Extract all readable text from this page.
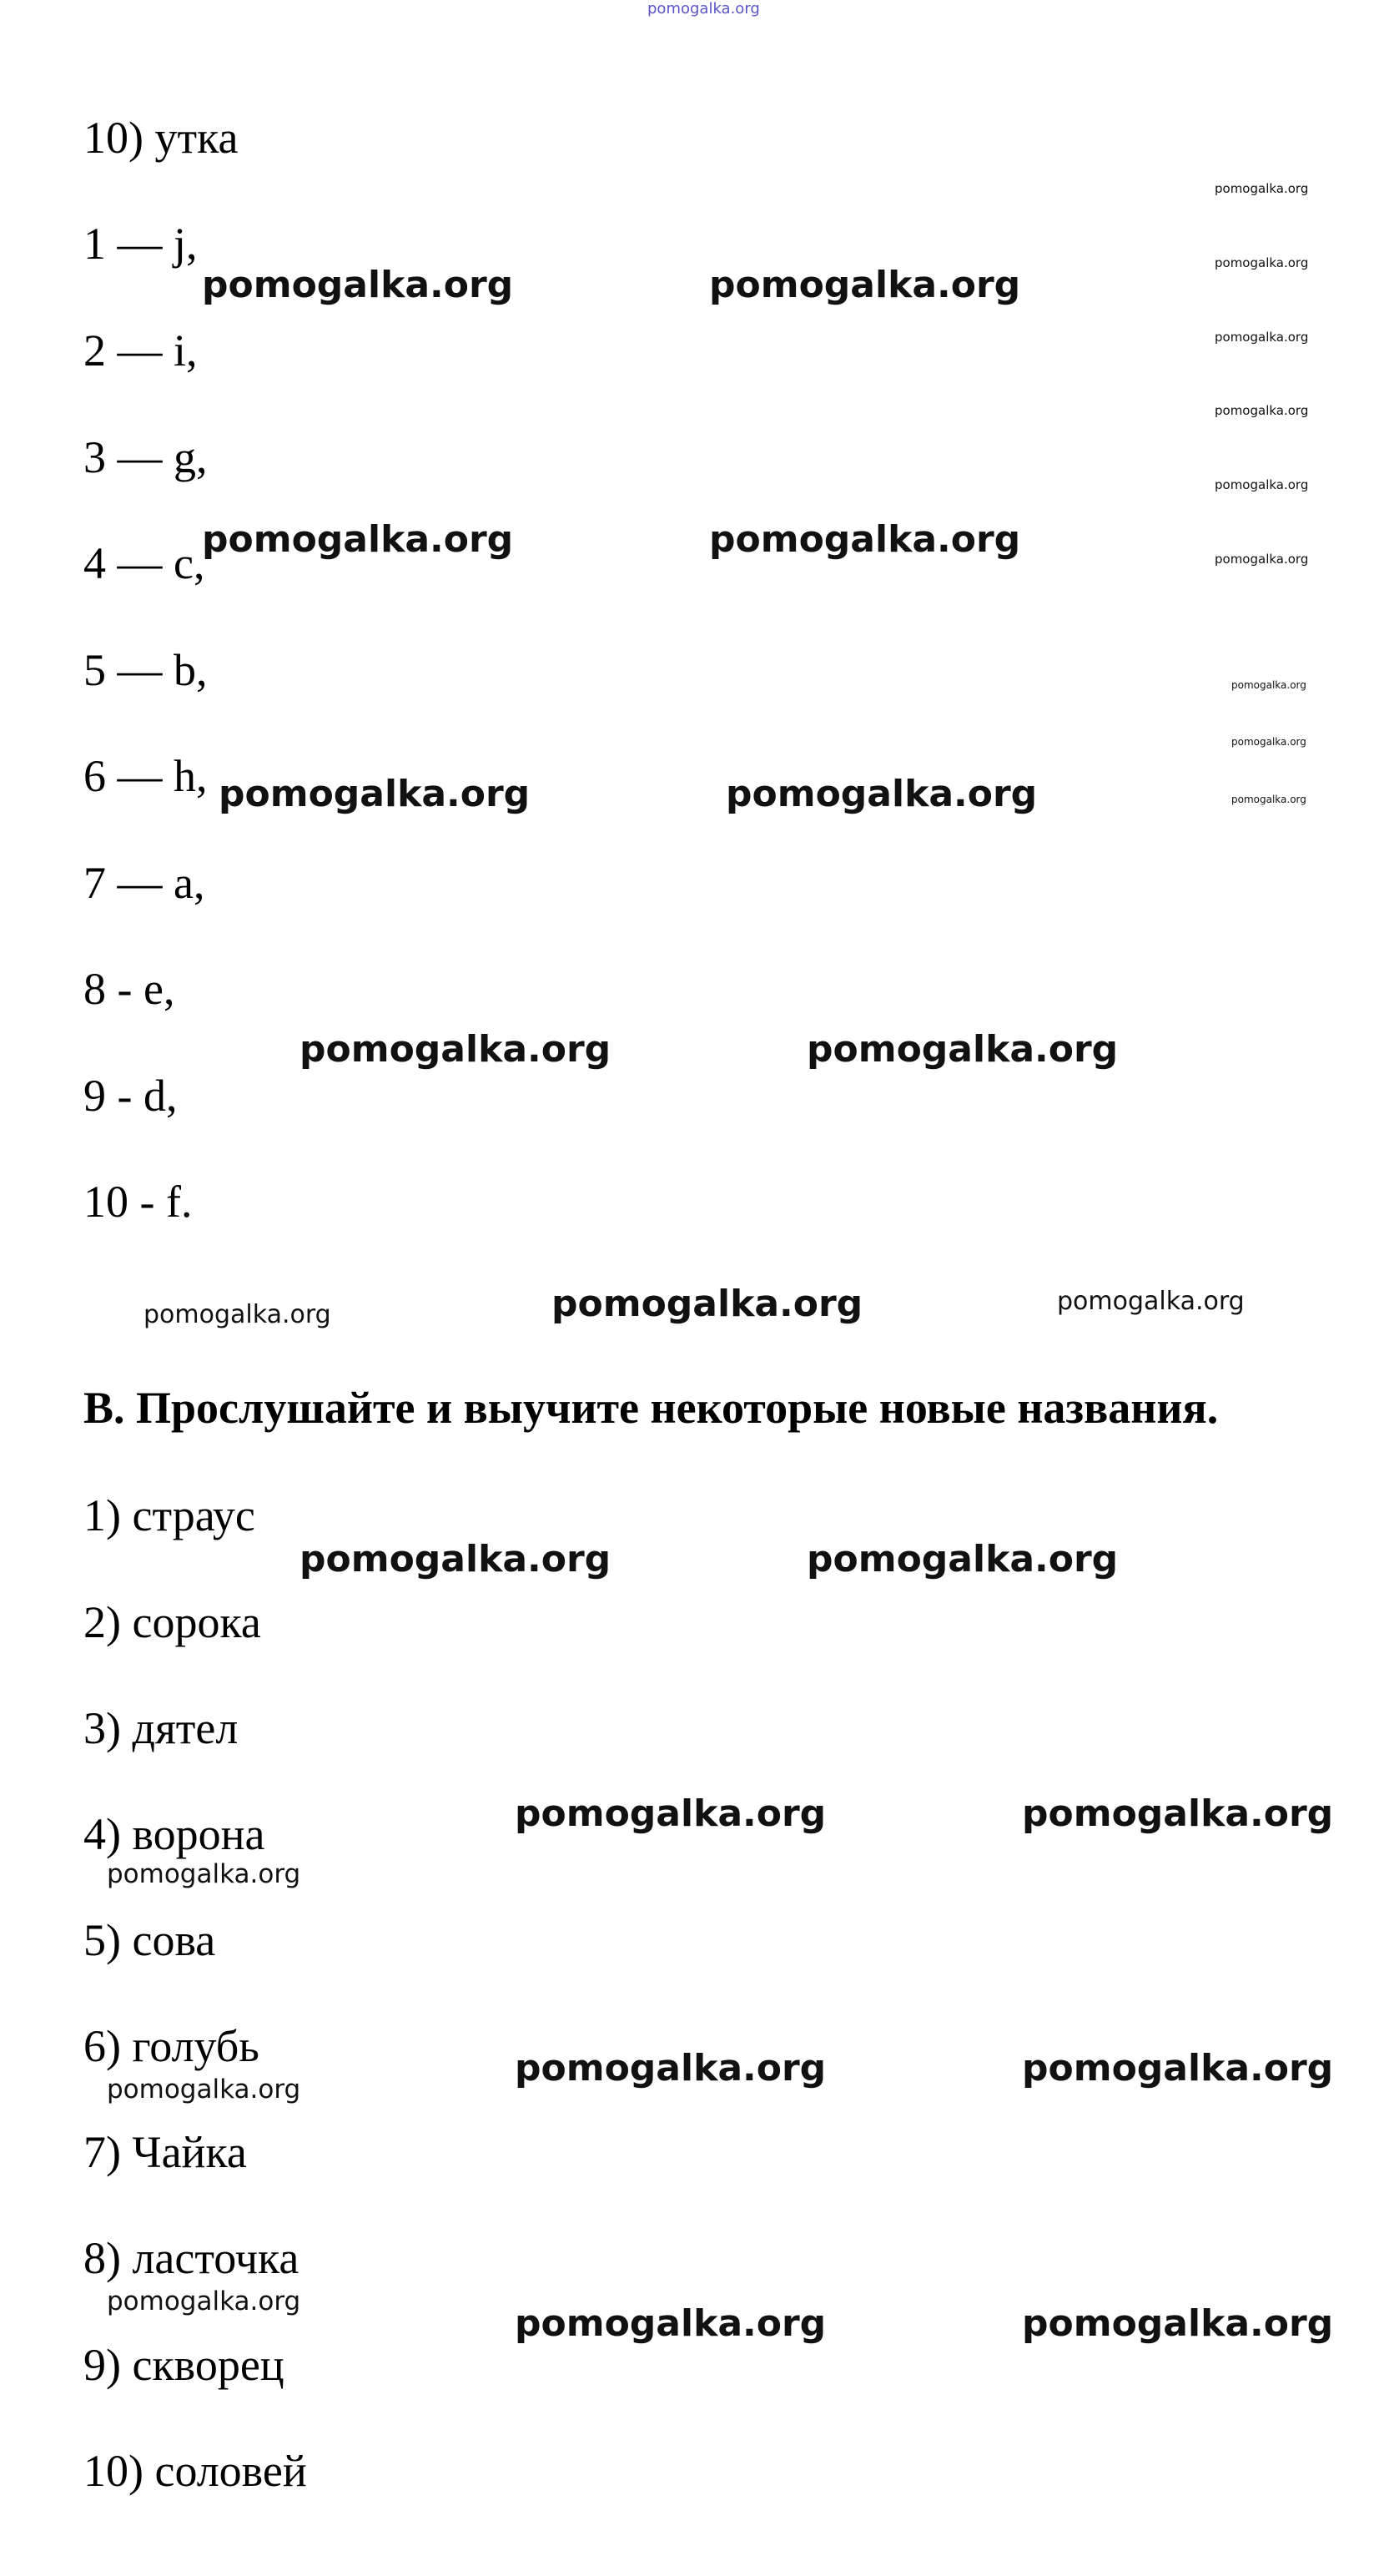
pomogalka.org
10) утка
1 — j,
2 — i,
3 — g,
4 — c,
5 — b,
6 — h,
7 — a,
8 - e,
9 - d,
10 - f.
B. Прослушайте и выучите некоторые новые названия.
1) страус
2) сорока
3) дятел
4) ворона
5) сова
6) голубь
7) Чайка
8) ласточка
9) скворец
10) соловей
pomogalka.org	pomogalka.org
pomogalka.org	pomogalka.org
pomogalka.org	pomogalka.org
pomogalka.org	pomogalka.org
pomogalka.org
pomogalka.org	pomogalka.org
pomogalka.org	pomogalka.org
pomogalka.org	pomogalka.org
pomogalka.org	pomogalka.org
pomogalka.org	pomogalka.org
pomogalka.org
pomogalka.org
pomogalka.org
pomogalka.org
pomogalka.org
pomogalka.org
pomogalka.org
pomogalka.org
pomogalka.org
pomogalka.org
pomogalka.org
pomogalka.org
